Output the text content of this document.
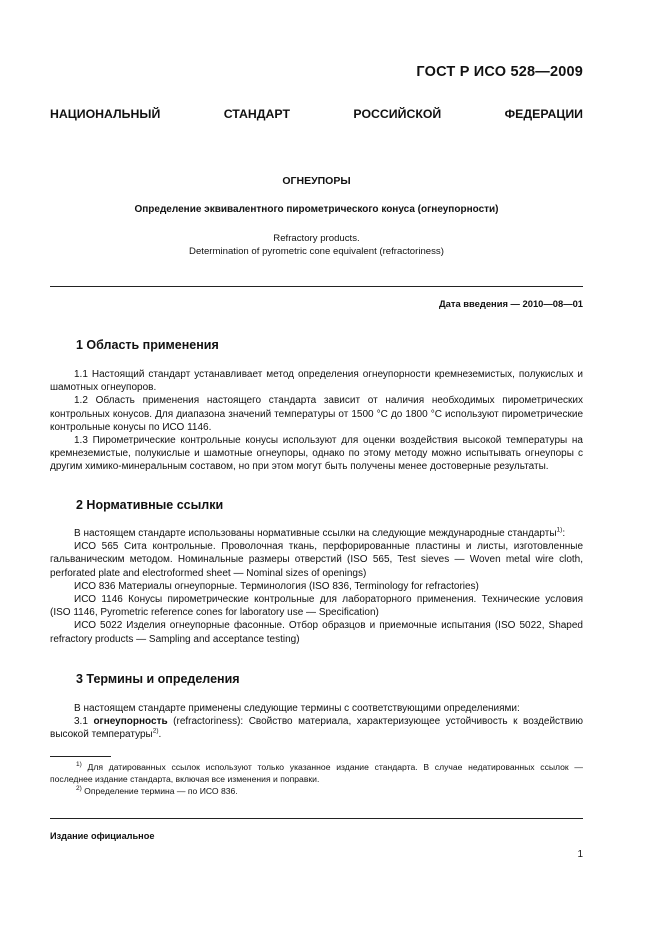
ГОСТ Р ИСО 528—2009
НАЦИОНАЛЬНЫЙ СТАНДАРТ РОССИЙСКОЙ ФЕДЕРАЦИИ
ОГНЕУПОРЫ
Определение эквивалентного пирометрического конуса (огнеупорности)
Refractory products.
Determination of pyrometric cone equivalent (refractoriness)
Дата введения — 2010—08—01
1 Область применения

1.1 Настоящий стандарт устанавливает метод определения огнеупорности кремнеземистых, полукислых и шамотных огнеупоров.

1.2 Область применения настоящего стандарта зависит от наличия необходимых пирометрических контрольных конусов. Для диапазона значений температуры от 1500 °С до 1800 °С используют пирометрические контрольные конусы по ИСО 1146.

1.3 Пирометрические контрольные конусы используют для оценки воздействия высокой температуры на кремнеземистые, полукислые и шамотные огнеупоры, однако по этому методу можно испытывать огнеупоры с другим химико-минеральным составом, но при этом могут быть получены менее достоверные результаты.

2 Нормативные ссылки

В настоящем стандарте использованы нормативные ссылки на следующие международные стандарты$^{1)}$:

ИСО 565 Сита контрольные. Проволочная ткань, перфорированные пластины и листы, изготовленные гальваническим методом. Номинальные размеры отверстий (ISO 565, Test sieves — Woven metal wire cloth, perforated plate and electroformed sheet — Nominal sizes of openings)

ИСО 836 Материалы огнеупорные. Терминология (ISO 836, Terminology for refractories)

ИСО 1146 Конусы пирометрические контрольные для лабораторного применения. Технические условия (ISO 1146, Pyrometric reference cones for laboratory use — Specification)

ИСО 5022 Изделия огнеупорные фасонные. Отбор образцов и приемочные испытания (ISO 5022, Shaped refractory products — Sampling and acceptance testing)

3 Термины и определения

В настоящем стандарте применены следующие термины с соответствующими определениями:

3.1 огнеупорность (refractoriness): Свойство материала, характеризующее устойчивость к воздействию высокой температуры$^{2)}$.

$^{1)}$ Для датированных ссылок используют только указанное издание стандарта. В случае недатированных ссылок — последнее издание стандарта, включая все изменения и поправки.

$^{2)}$ Определение термина — по ИСО 836.

Издание официальное
1
